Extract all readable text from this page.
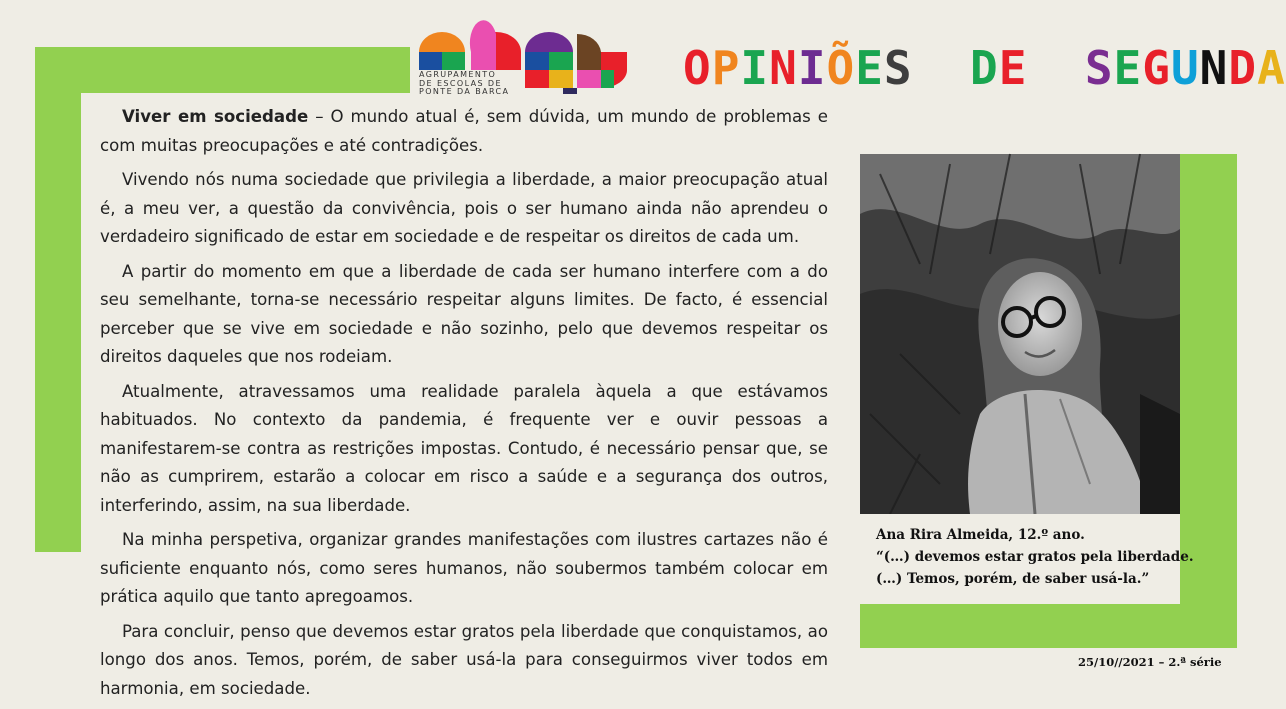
AGRUPAMENTO
DE ESCOLAS DE
PONTE DA BARCA	OPINIÕES DE SEGUNDA

Viver em sociedade – O mundo atual é, sem dúvida, um mundo de problemas e com muitas preocupações e até contradições.

Vivendo nós numa sociedade que privilegia a liberdade, a maior preocupação atual é, a meu ver, a questão da convivência, pois o ser humano ainda não aprendeu o verdadeiro significado de estar em sociedade e de respeitar os direitos de cada um.

A partir do momento em que a liberdade de cada ser humano interfere com a do seu semelhante, torna-se necessário respeitar alguns limites. De facto, é essencial perceber que se vive em sociedade e não sozinho, pelo que devemos respeitar os direitos daqueles que nos rodeiam.

Atualmente, atravessamos uma realidade paralela àquela a que estávamos habituados. No contexto da pandemia, é frequente ver e ouvir pessoas a manifestarem-se contra as restrições impostas. Contudo, é necessário pensar que, se não as cumprirem, estarão a colocar em risco a saúde e a segurança dos outros, interferindo, assim, na sua liberdade.

Na minha perspetiva, organizar grandes manifestações com ilustres cartazes não é suficiente enquanto nós, como seres humanos, não soubermos também colocar em prática aquilo que tanto apregoamos.

Para concluir, penso que devemos estar gratos pela liberdade que conquistamos, ao longo dos anos. Temos, porém, de saber usá-la para conseguirmos viver todos em harmonia, em sociedade.

Ana Rira Almeida, 12.º ano.
“(…) devemos estar gratos pela liberdade.
(…) Temos, porém, de saber usá-la.”
25/10//2021 – 2.ª série
